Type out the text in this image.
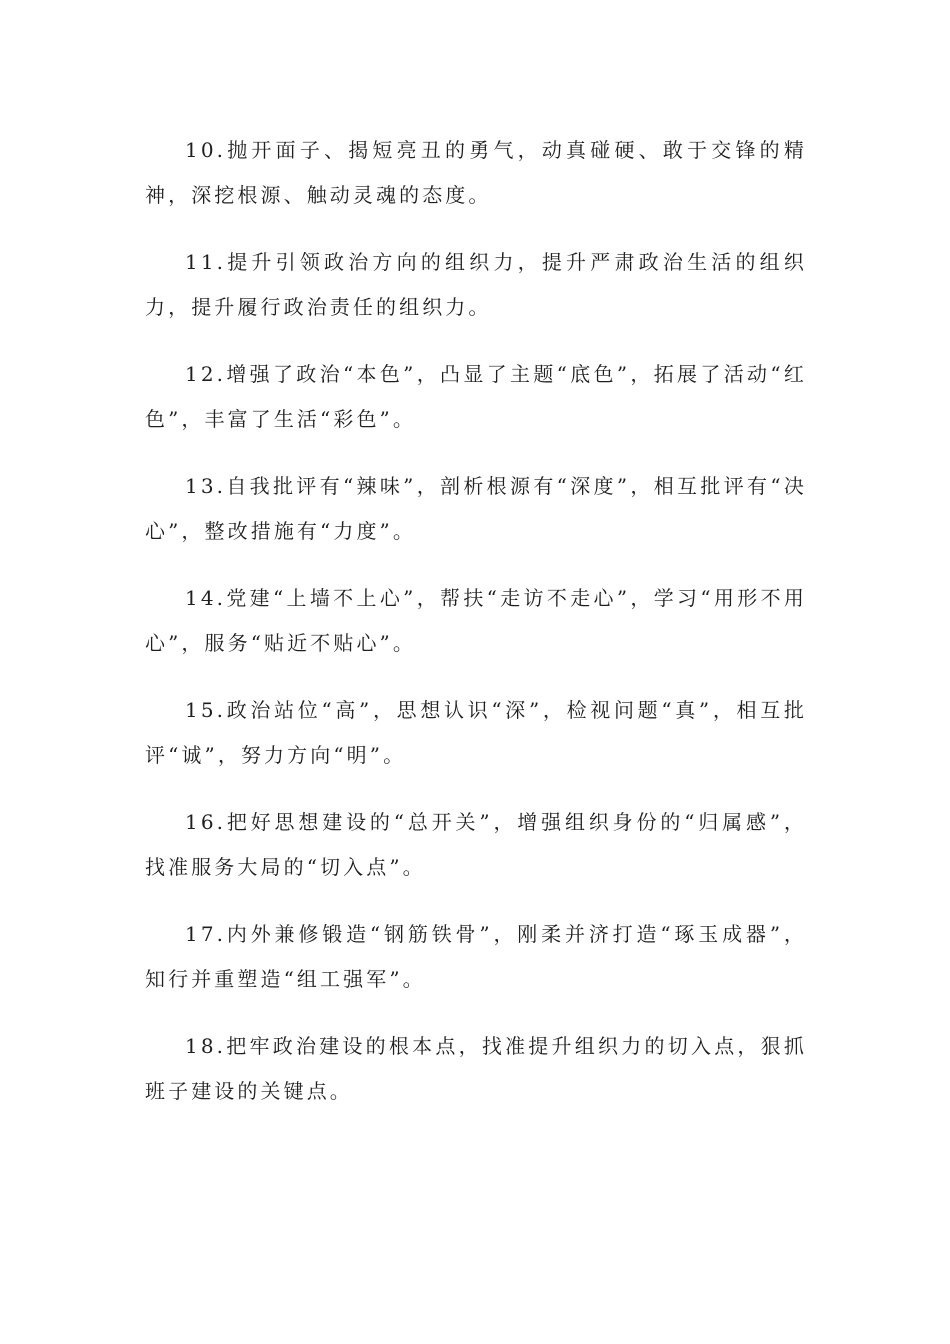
10.抛开面子、揭短亮丑的勇气，动真碰硬、敢于交锋的精神，深挖根源、触动灵魂的态度。

11.提升引领政治方向的组织力，提升严肃政治生活的组织力，提升履行政治责任的组织力。

12.增强了政治“本色”，凸显了主题“底色”，拓展了活动“红色”，丰富了生活“彩色”。

13.自我批评有“辣味”，剖析根源有“深度”，相互批评有“决心”，整改措施有“力度”。

14.党建“上墙不上心”，帮扶“走访不走心”，学习“用形不用心”，服务“贴近不贴心”。

15.政治站位“高”，思想认识“深”，检视问题“真”，相互批评“诚”，努力方向“明”。

16.把好思想建设的“总开关”，增强组织身份的“归属感”，找准服务大局的“切入点”。

17.内外兼修锻造“钢筋铁骨”，刚柔并济打造“琢玉成器”，知行并重塑造“组工强军”。

18.把牢政治建设的根本点，找准提升组织力的切入点，狠抓班子建设的关键点。
